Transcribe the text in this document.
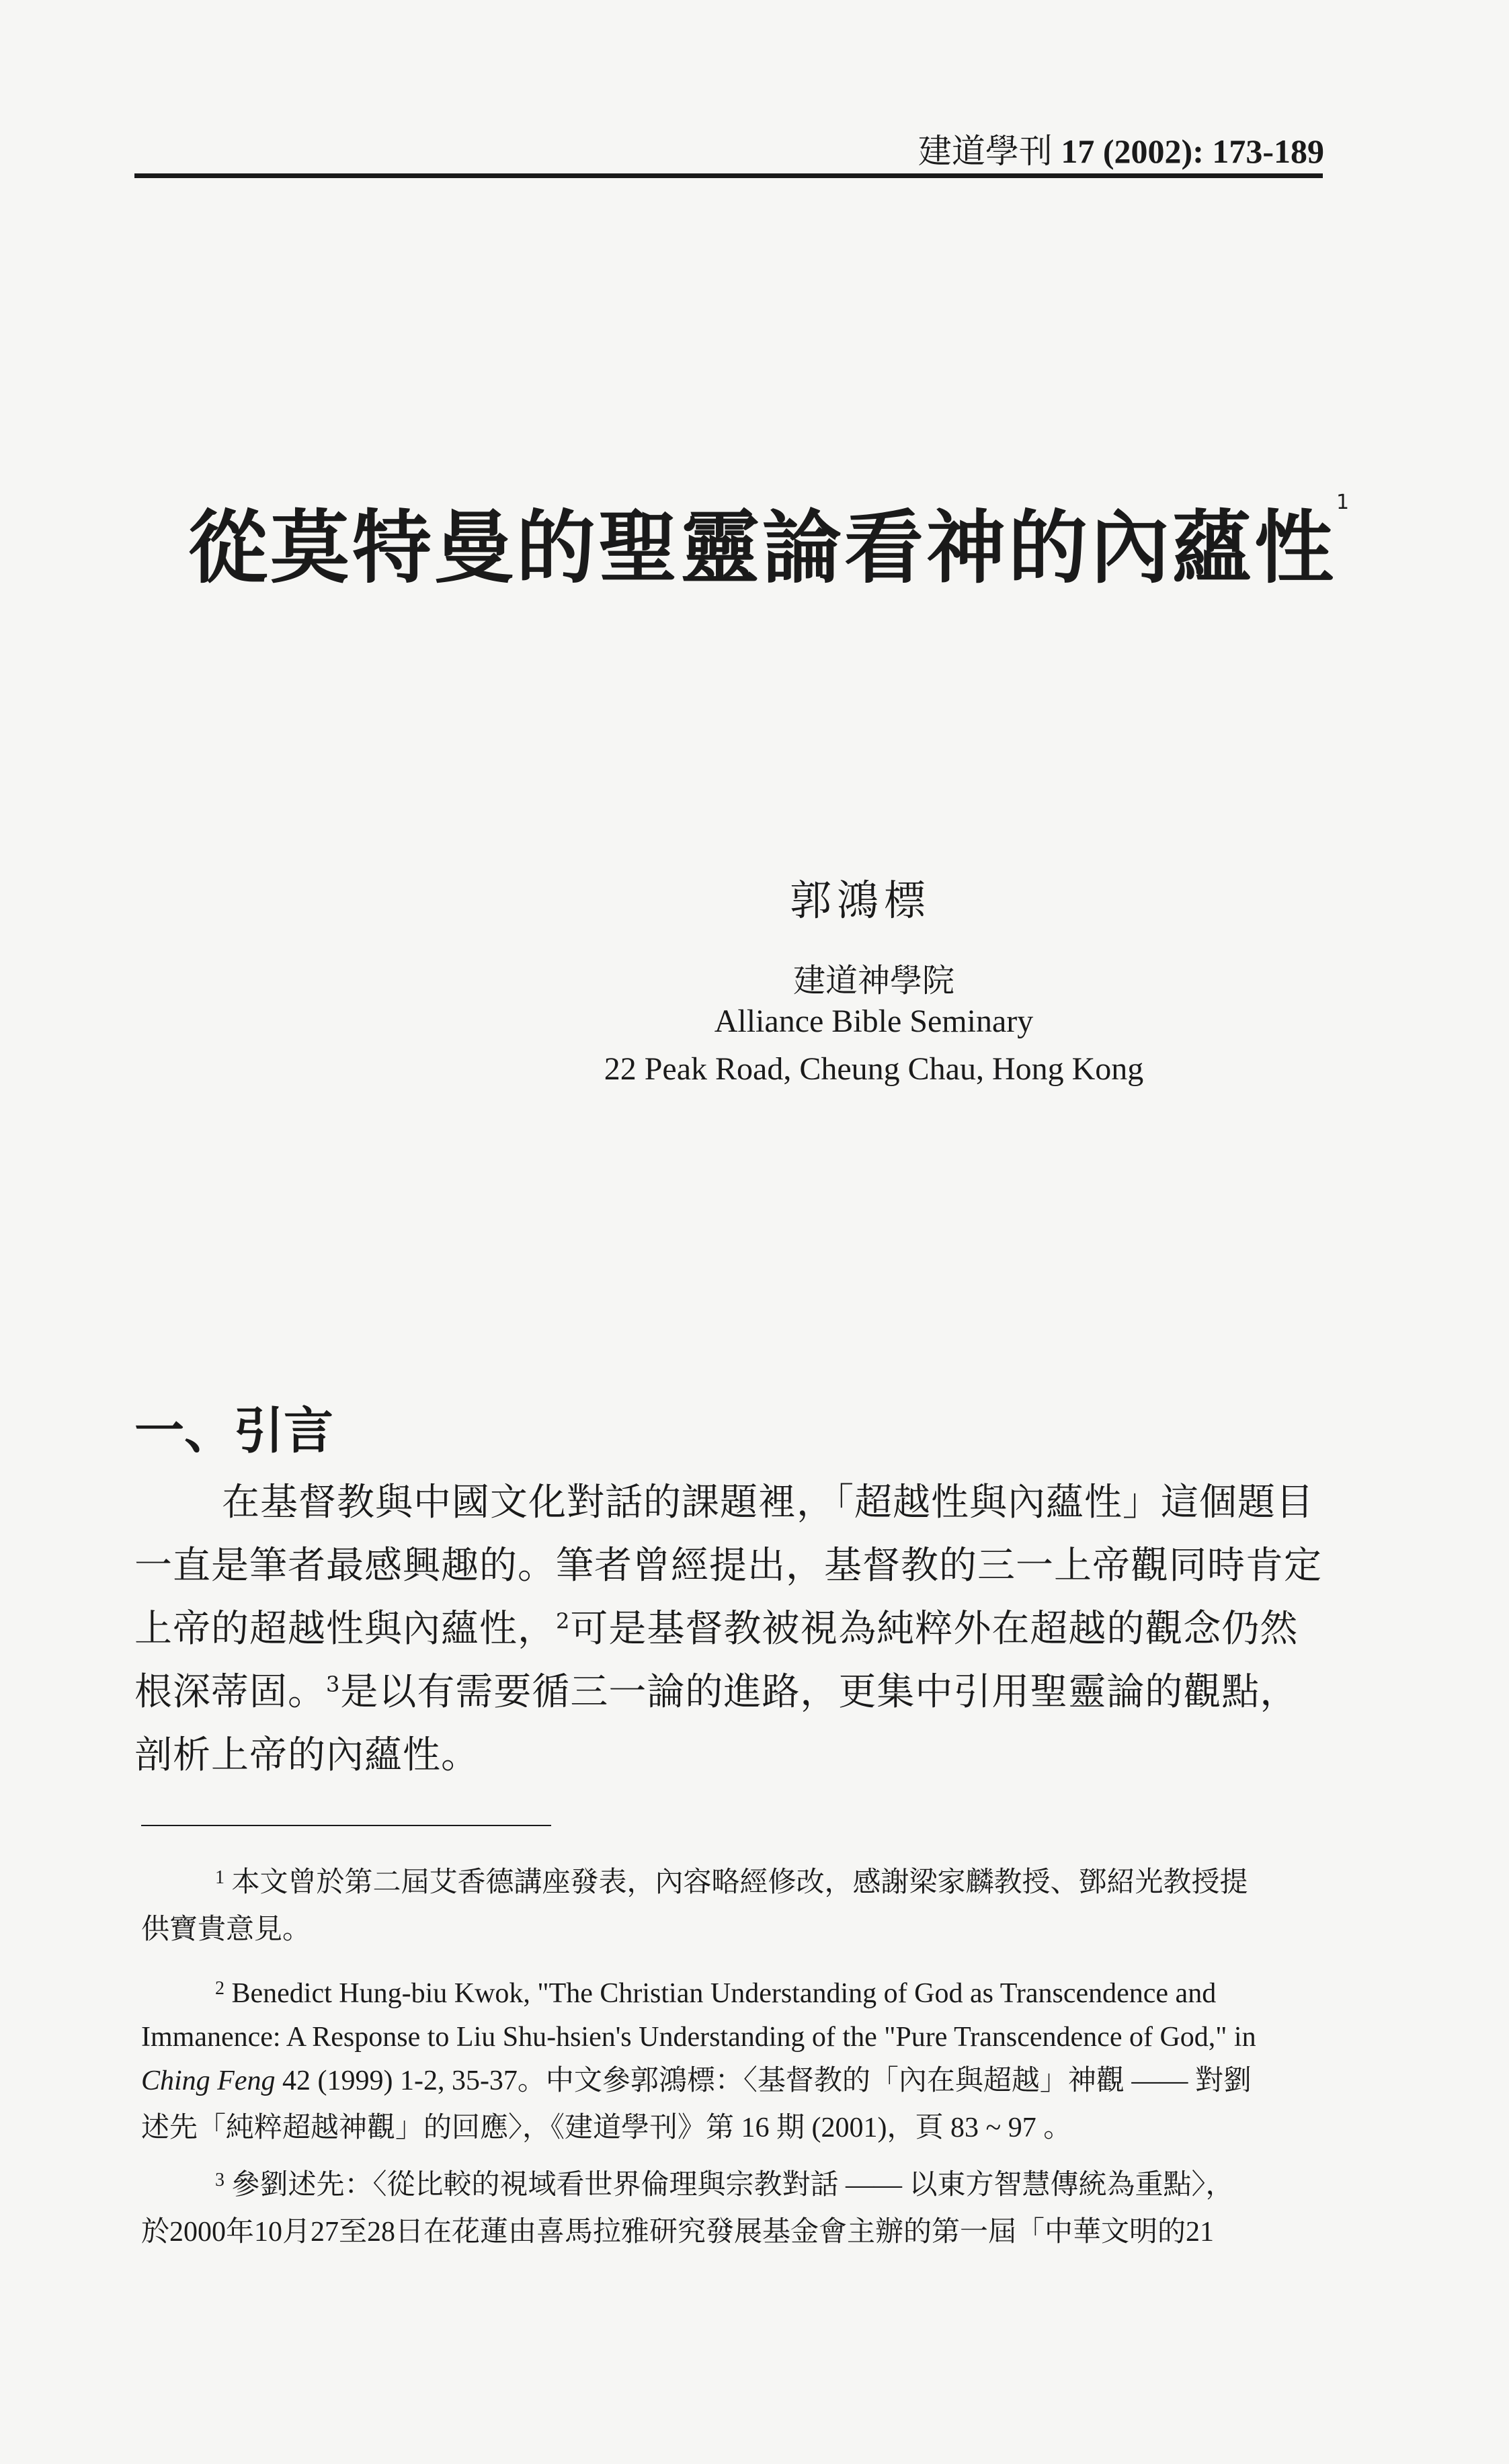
建道學刊 17 (2002): 173-189
從莫特曼的聖靈論看神的內蘊性$^1$
郭鴻標
建道神學院
Alliance Bible Seminary
22 Peak Road, Cheung Chau, Hong Kong
一、引言
在基督教與中國文化對話的課題裡，「超越性與內蘊性」這個題目
一直是筆者最感興趣的。筆者曾經提出，基督教的三一上帝觀同時肯定
上帝的超越性與內蘊性，$^2$可是基督教被視為純粹外在超越的觀念仍然
根深蒂固。$^3$是以有需要循三一論的進路，更集中引用聖靈論的觀點，
剖析上帝的內蘊性。
$^1$ 本文曾於第二屆艾香德講座發表，內容略經修改，感謝梁家麟教授、鄧紹光教授提
供寶貴意見。
$^2$ Benedict Hung-biu Kwok, "The Christian Understanding of God as Transcendence and
Immanence: A Response to Liu Shu-hsien's Understanding of the "Pure Transcendence of God," in
Ching Feng 42 (1999) 1-2, 35-37。中文參郭鴻標：〈基督教的「內在與超越」神觀 —— 對劉
述先「純粹超越神觀」的回應〉，《建道學刊》第 16 期 (2001)，頁 83 ~ 97 。
$^3$ 參劉述先：〈從比較的視域看世界倫理與宗教對話 —— 以東方智慧傳統為重點〉，
於2000年10月27至28日在花蓮由喜馬拉雅研究發展基金會主辦的第一屆「中華文明的21
